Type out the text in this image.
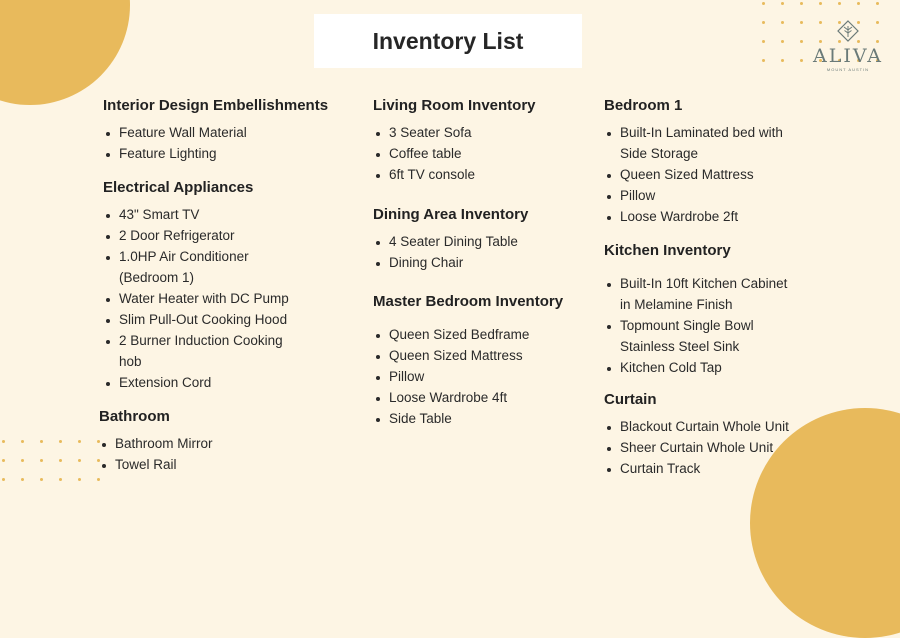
Inventory List
ALIVA
MOUNT AUSTIN
Interior Design Embellishments
Feature Wall Material
Feature Lighting
Electrical Appliances
43" Smart TV
2 Door Refrigerator
1.0HP Air Conditioner
(Bedroom 1)
Water Heater with DC Pump
Slim Pull-Out Cooking Hood
2 Burner Induction Cooking
hob
Extension Cord
Bathroom
Bathroom Mirror
Towel Rail
Living Room Inventory
3 Seater Sofa
Coffee table
6ft TV console
Dining Area Inventory
4 Seater Dining Table
Dining Chair
Master Bedroom Inventory
Queen Sized Bedframe
Queen Sized Mattress
Pillow
Loose Wardrobe 4ft
Side Table
Bedroom 1
Built-In Laminated bed with
Side Storage
Queen Sized Mattress
Pillow
Loose Wardrobe 2ft
Kitchen Inventory
Built-In 10ft Kitchen Cabinet
in Melamine Finish
Topmount Single Bowl
Stainless Steel Sink
Kitchen Cold Tap
Curtain
Blackout Curtain Whole Unit
Sheer Curtain Whole Unit
Curtain Track
